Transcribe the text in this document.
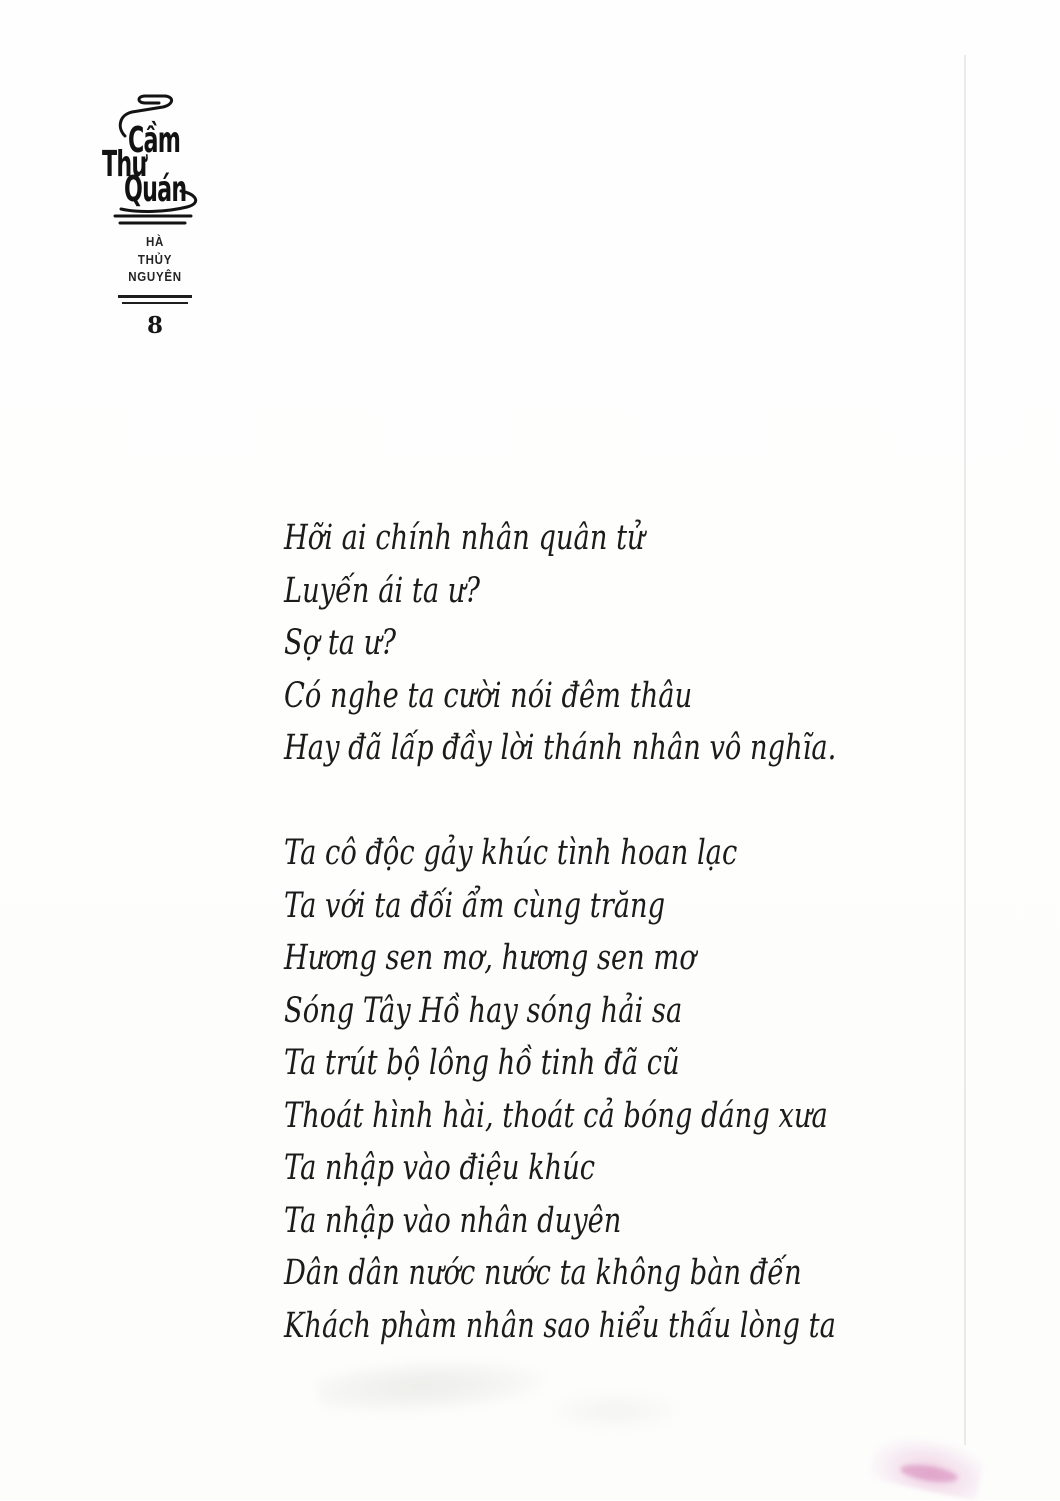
Cầm
Thư
Quán
HÀ
THỦY
NGUYÊN
8
Hỡi ai chính nhân quân tử
Luyến ái ta ư?
Sợ ta ư?
Có nghe ta cười nói đêm thâu
Hay đã lấp đầy lời thánh nhân vô nghĩa.
Ta cô độc gảy khúc tình hoan lạc
Ta với ta đối ẩm cùng trăng
Hương sen mơ, hương sen mơ
Sóng Tây Hồ hay sóng hải sa
Ta trút bộ lông hồ tinh đã cũ
Thoát hình hài, thoát cả bóng dáng xưa
Ta nhập vào điệu khúc
Ta nhập vào nhân duyên
Dân dân nước nước ta không bàn đến
Khách phàm nhân sao hiểu thấu lòng ta
